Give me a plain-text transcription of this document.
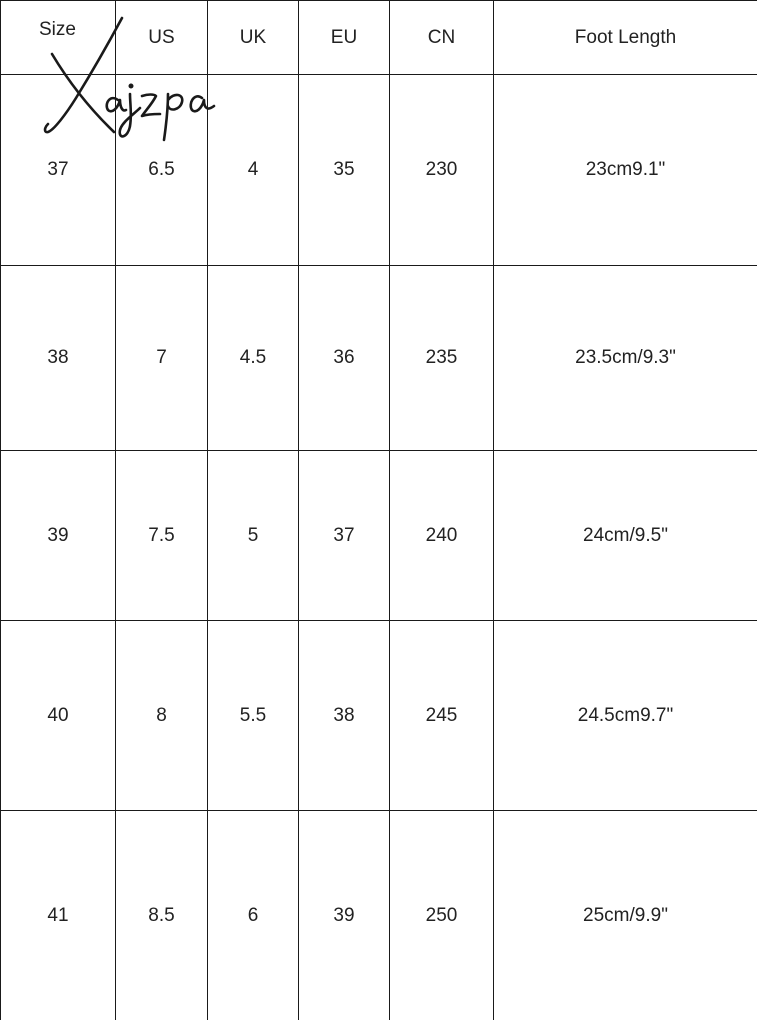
Size	US	UK	EU	CN	Foot Length
37	6.5	4	35	230	23cm9.1"
38	7	4.5	36	235	23.5cm/9.3"
39	7.5	5	37	240	24cm/9.5"
40	8	5.5	38	245	24.5cm9.7"
41	8.5	6	39	250	25cm/9.9"
